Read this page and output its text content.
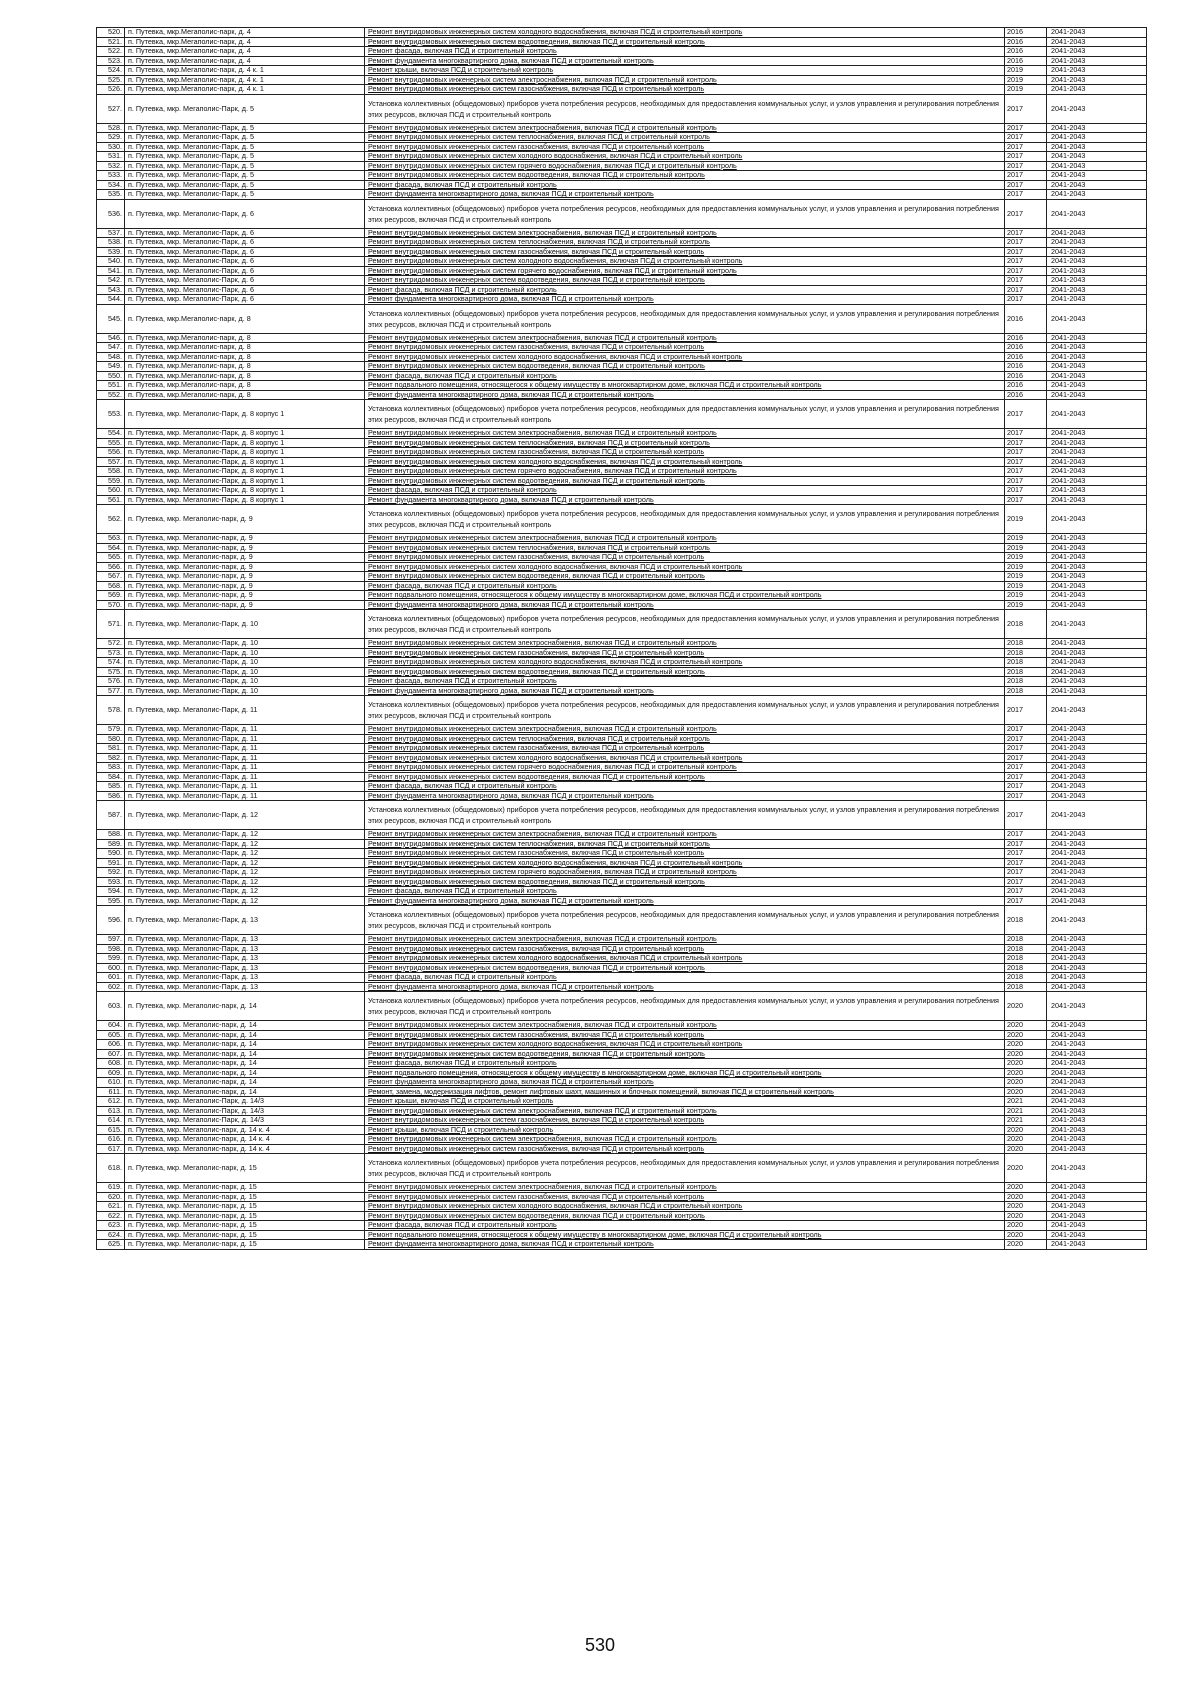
520.	п. Путевка, мкр.Мегаполис-парк, д. 4	Ремонт внутридомовых инженерных систем холодного водоснабжения, включая ПСД и строительный контроль	2016	2041-2043
521.	п. Путевка, мкр.Мегаполис-парк, д. 4	Ремонт внутридомовых инженерных систем водоотведения, включая ПСД и строительный контроль	2016	2041-2043
522.	п. Путевка, мкр.Мегаполис-парк, д. 4	Ремонт фасада, включая ПСД и строительный контроль	2016	2041-2043
523.	п. Путевка, мкр.Мегаполис-парк, д. 4	Ремонт фундамента многоквартирного дома, включая ПСД и строительный контроль	2016	2041-2043
524.	п. Путевка, мкр.Мегаполис-парк, д. 4 к. 1	Ремонт крыши, включая ПСД и строительный контроль	2019	2041-2043
525.	п. Путевка, мкр.Мегаполис-парк, д. 4 к. 1	Ремонт внутридомовых инженерных систем электроснабжения, включая ПСД и строительный контроль	2019	2041-2043
526.	п. Путевка, мкр.Мегаполис-парк, д. 4 к. 1	Ремонт внутридомовых инженерных систем газоснабжения, включая ПСД и строительный контроль	2019	2041-2043
527.	п. Путевка, мкр. Мегаполис-Парк, д. 5	Установка коллективных (общедомовых) приборов учета потребления ресурсов, необходимых для предоставления коммунальных услуг, и узлов управления и регулирования потребления этих ресурсов, включая ПСД и строительный контроль	2017	2041-2043
528.	п. Путевка, мкр. Мегаполис-Парк, д. 5	Ремонт внутридомовых инженерных систем электроснабжения, включая ПСД и строительный контроль	2017	2041-2043
529.	п. Путевка, мкр. Мегаполис-Парк, д. 5	Ремонт внутридомовых инженерных систем теплоснабжения, включая ПСД и строительный контроль	2017	2041-2043
530.	п. Путевка, мкр. Мегаполис-Парк, д. 5	Ремонт внутридомовых инженерных систем газоснабжения, включая ПСД и строительный контроль	2017	2041-2043
531.	п. Путевка, мкр. Мегаполис-Парк, д. 5	Ремонт внутридомовых инженерных систем холодного водоснабжения, включая ПСД и строительный контроль	2017	2041-2043
532.	п. Путевка, мкр. Мегаполис-Парк, д. 5	Ремонт внутридомовых инженерных систем горячего водоснабжения, включая ПСД и строительный контроль	2017	2041-2043
533.	п. Путевка, мкр. Мегаполис-Парк, д. 5	Ремонт внутридомовых инженерных систем водоотведения, включая ПСД и строительный контроль	2017	2041-2043
534.	п. Путевка, мкр. Мегаполис-Парк, д. 5	Ремонт фасада, включая ПСД и строительный контроль	2017	2041-2043
535.	п. Путевка, мкр. Мегаполис-Парк, д. 5	Ремонт фундамента многоквартирного дома, включая ПСД и строительный контроль	2017	2041-2043
536.	п. Путевка, мкр. Мегаполис-Парк, д. 6	Установка коллективных (общедомовых) приборов учета потребления ресурсов, необходимых для предоставления коммунальных услуг, и узлов управления и регулирования потребления этих ресурсов, включая ПСД и строительный контроль	2017	2041-2043
537.	п. Путевка, мкр. Мегаполис-Парк, д. 6	Ремонт внутридомовых инженерных систем электроснабжения, включая ПСД и строительный контроль	2017	2041-2043
538.	п. Путевка, мкр. Мегаполис-Парк, д. 6	Ремонт внутридомовых инженерных систем теплоснабжения, включая ПСД и строительный контроль	2017	2041-2043
539.	п. Путевка, мкр. Мегаполис-Парк, д. 6	Ремонт внутридомовых инженерных систем газоснабжения, включая ПСД и строительный контроль	2017	2041-2043
540.	п. Путевка, мкр. Мегаполис-Парк, д. 6	Ремонт внутридомовых инженерных систем холодного водоснабжения, включая ПСД и строительный контроль	2017	2041-2043
541.	п. Путевка, мкр. Мегаполис-Парк, д. 6	Ремонт внутридомовых инженерных систем горячего водоснабжения, включая ПСД и строительный контроль	2017	2041-2043
542.	п. Путевка, мкр. Мегаполис-Парк, д. 6	Ремонт внутридомовых инженерных систем водоотведения, включая ПСД и строительный контроль	2017	2041-2043
543.	п. Путевка, мкр. Мегаполис-Парк, д. 6	Ремонт фасада, включая ПСД и строительный контроль	2017	2041-2043
544.	п. Путевка, мкр. Мегаполис-Парк, д. 6	Ремонт фундамента многоквартирного дома, включая ПСД и строительный контроль	2017	2041-2043
545.	п. Путевка, мкр.Мегаполис-парк, д. 8	Установка коллективных (общедомовых) приборов учета потребления ресурсов, необходимых для предоставления коммунальных услуг, и узлов управления и регулирования потребления этих ресурсов, включая ПСД и строительный контроль	2016	2041-2043
546.	п. Путевка, мкр.Мегаполис-парк, д. 8	Ремонт внутридомовых инженерных систем электроснабжения, включая ПСД и строительный контроль	2016	2041-2043
547.	п. Путевка, мкр.Мегаполис-парк, д. 8	Ремонт внутридомовых инженерных систем газоснабжения, включая ПСД и строительный контроль	2016	2041-2043
548.	п. Путевка, мкр.Мегаполис-парк, д. 8	Ремонт внутридомовых инженерных систем холодного водоснабжения, включая ПСД и строительный контроль	2016	2041-2043
549.	п. Путевка, мкр.Мегаполис-парк, д. 8	Ремонт внутридомовых инженерных систем водоотведения, включая ПСД и строительный контроль	2016	2041-2043
550.	п. Путевка, мкр.Мегаполис-парк, д. 8	Ремонт фасада, включая ПСД и строительный контроль	2016	2041-2043
551.	п. Путевка, мкр.Мегаполис-парк, д. 8	Ремонт подвального помещения, относящегося к общему имуществу в многоквартирном доме, включая ПСД и строительный контроль	2016	2041-2043
552.	п. Путевка, мкр.Мегаполис-парк, д. 8	Ремонт фундамента многоквартирного дома, включая ПСД и строительный контроль	2016	2041-2043
553.	п. Путевка, мкр. Мегаполис-Парк, д. 8 корпус 1	Установка коллективных (общедомовых) приборов учета потребления ресурсов, необходимых для предоставления коммунальных услуг, и узлов управления и регулирования потребления этих ресурсов, включая ПСД и строительный контроль	2017	2041-2043
554.	п. Путевка, мкр. Мегаполис-Парк, д. 8 корпус 1	Ремонт внутридомовых инженерных систем электроснабжения, включая ПСД и строительный контроль	2017	2041-2043
555.	п. Путевка, мкр. Мегаполис-Парк, д. 8 корпус 1	Ремонт внутридомовых инженерных систем теплоснабжения, включая ПСД и строительный контроль	2017	2041-2043
556.	п. Путевка, мкр. Мегаполис-Парк, д. 8 корпус 1	Ремонт внутридомовых инженерных систем газоснабжения, включая ПСД и строительный контроль	2017	2041-2043
557.	п. Путевка, мкр. Мегаполис-Парк, д. 8 корпус 1	Ремонт внутридомовых инженерных систем холодного водоснабжения, включая ПСД и строительный контроль	2017	2041-2043
558.	п. Путевка, мкр. Мегаполис-Парк, д. 8 корпус 1	Ремонт внутридомовых инженерных систем горячего водоснабжения, включая ПСД и строительный контроль	2017	2041-2043
559.	п. Путевка, мкр. Мегаполис-Парк, д. 8 корпус 1	Ремонт внутридомовых инженерных систем водоотведения, включая ПСД и строительный контроль	2017	2041-2043
560.	п. Путевка, мкр. Мегаполис-Парк, д. 8 корпус 1	Ремонт фасада, включая ПСД и строительный контроль	2017	2041-2043
561.	п. Путевка, мкр. Мегаполис-Парк, д. 8 корпус 1	Ремонт фундамента многоквартирного дома, включая ПСД и строительный контроль	2017	2041-2043
562.	п. Путевка, мкр. Мегаполис-парк, д. 9	Установка коллективных (общедомовых) приборов учета потребления ресурсов, необходимых для предоставления коммунальных услуг, и узлов управления и регулирования потребления этих ресурсов, включая ПСД и строительный контроль	2019	2041-2043
563.	п. Путевка, мкр. Мегаполис-парк, д. 9	Ремонт внутридомовых инженерных систем электроснабжения, включая ПСД и строительный контроль	2019	2041-2043
564.	п. Путевка, мкр. Мегаполис-парк, д. 9	Ремонт внутридомовых инженерных систем теплоснабжения, включая ПСД и строительный контроль	2019	2041-2043
565.	п. Путевка, мкр. Мегаполис-парк, д. 9	Ремонт внутридомовых инженерных систем газоснабжения, включая ПСД и строительный контроль	2019	2041-2043
566.	п. Путевка, мкр. Мегаполис-парк, д. 9	Ремонт внутридомовых инженерных систем холодного водоснабжения, включая ПСД и строительный контроль	2019	2041-2043
567.	п. Путевка, мкр. Мегаполис-парк, д. 9	Ремонт внутридомовых инженерных систем водоотведения, включая ПСД и строительный контроль	2019	2041-2043
568.	п. Путевка, мкр. Мегаполис-парк, д. 9	Ремонт фасада, включая ПСД и строительный контроль	2019	2041-2043
569.	п. Путевка, мкр. Мегаполис-парк, д. 9	Ремонт подвального помещения, относящегося к общему имуществу в многоквартирном доме, включая ПСД и строительный контроль	2019	2041-2043
570.	п. Путевка, мкр. Мегаполис-парк, д. 9	Ремонт фундамента многоквартирного дома, включая ПСД и строительный контроль	2019	2041-2043
571.	п. Путевка, мкр. Мегаполис-Парк, д. 10	Установка коллективных (общедомовых) приборов учета потребления ресурсов, необходимых для предоставления коммунальных услуг, и узлов управления и регулирования потребления этих ресурсов, включая ПСД и строительный контроль	2018	2041-2043
572.	п. Путевка, мкр. Мегаполис-Парк, д. 10	Ремонт внутридомовых инженерных систем электроснабжения, включая ПСД и строительный контроль	2018	2041-2043
573.	п. Путевка, мкр. Мегаполис-Парк, д. 10	Ремонт внутридомовых инженерных систем газоснабжения, включая ПСД и строительный контроль	2018	2041-2043
574.	п. Путевка, мкр. Мегаполис-Парк, д. 10	Ремонт внутридомовых инженерных систем холодного водоснабжения, включая ПСД и строительный контроль	2018	2041-2043
575.	п. Путевка, мкр. Мегаполис-Парк, д. 10	Ремонт внутридомовых инженерных систем водоотведения, включая ПСД и строительный контроль	2018	2041-2043
576.	п. Путевка, мкр. Мегаполис-Парк, д. 10	Ремонт фасада, включая ПСД и строительный контроль	2018	2041-2043
577.	п. Путевка, мкр. Мегаполис-Парк, д. 10	Ремонт фундамента многоквартирного дома, включая ПСД и строительный контроль	2018	2041-2043
578.	п. Путевка, мкр. Мегаполис-Парк, д. 11	Установка коллективных (общедомовых) приборов учета потребления ресурсов, необходимых для предоставления коммунальных услуг, и узлов управления и регулирования потребления этих ресурсов, включая ПСД и строительный контроль	2017	2041-2043
579.	п. Путевка, мкр. Мегаполис-Парк, д. 11	Ремонт внутридомовых инженерных систем электроснабжения, включая ПСД и строительный контроль	2017	2041-2043
580.	п. Путевка, мкр. Мегаполис-Парк, д. 11	Ремонт внутридомовых инженерных систем теплоснабжения, включая ПСД и строительный контроль	2017	2041-2043
581.	п. Путевка, мкр. Мегаполис-Парк, д. 11	Ремонт внутридомовых инженерных систем газоснабжения, включая ПСД и строительный контроль	2017	2041-2043
582.	п. Путевка, мкр. Мегаполис-Парк, д. 11	Ремонт внутридомовых инженерных систем холодного водоснабжения, включая ПСД и строительный контроль	2017	2041-2043
583.	п. Путевка, мкр. Мегаполис-Парк, д. 11	Ремонт внутридомовых инженерных систем горячего водоснабжения, включая ПСД и строительный контроль	2017	2041-2043
584.	п. Путевка, мкр. Мегаполис-Парк, д. 11	Ремонт внутридомовых инженерных систем водоотведения, включая ПСД и строительный контроль	2017	2041-2043
585.	п. Путевка, мкр. Мегаполис-Парк, д. 11	Ремонт фасада, включая ПСД и строительный контроль	2017	2041-2043
586.	п. Путевка, мкр. Мегаполис-Парк, д. 11	Ремонт фундамента многоквартирного дома, включая ПСД и строительный контроль	2017	2041-2043
587.	п. Путевка, мкр. Мегаполис-Парк, д. 12	Установка коллективных (общедомовых) приборов учета потребления ресурсов, необходимых для предоставления коммунальных услуг, и узлов управления и регулирования потребления этих ресурсов, включая ПСД и строительный контроль	2017	2041-2043
588.	п. Путевка, мкр. Мегаполис-Парк, д. 12	Ремонт внутридомовых инженерных систем электроснабжения, включая ПСД и строительный контроль	2017	2041-2043
589.	п. Путевка, мкр. Мегаполис-Парк, д. 12	Ремонт внутридомовых инженерных систем теплоснабжения, включая ПСД и строительный контроль	2017	2041-2043
590.	п. Путевка, мкр. Мегаполис-Парк, д. 12	Ремонт внутридомовых инженерных систем газоснабжения, включая ПСД и строительный контроль	2017	2041-2043
591.	п. Путевка, мкр. Мегаполис-Парк, д. 12	Ремонт внутридомовых инженерных систем холодного водоснабжения, включая ПСД и строительный контроль	2017	2041-2043
592.	п. Путевка, мкр. Мегаполис-Парк, д. 12	Ремонт внутридомовых инженерных систем горячего водоснабжения, включая ПСД и строительный контроль	2017	2041-2043
593.	п. Путевка, мкр. Мегаполис-Парк, д. 12	Ремонт внутридомовых инженерных систем водоотведения, включая ПСД и строительный контроль	2017	2041-2043
594.	п. Путевка, мкр. Мегаполис-Парк, д. 12	Ремонт фасада, включая ПСД и строительный контроль	2017	2041-2043
595.	п. Путевка, мкр. Мегаполис-Парк, д. 12	Ремонт фундамента многоквартирного дома, включая ПСД и строительный контроль	2017	2041-2043
596.	п. Путевка, мкр. Мегаполис-Парк, д. 13	Установка коллективных (общедомовых) приборов учета потребления ресурсов, необходимых для предоставления коммунальных услуг, и узлов управления и регулирования потребления этих ресурсов, включая ПСД и строительный контроль	2018	2041-2043
597.	п. Путевка, мкр. Мегаполис-Парк, д. 13	Ремонт внутридомовых инженерных систем электроснабжения, включая ПСД и строительный контроль	2018	2041-2043
598.	п. Путевка, мкр. Мегаполис-Парк, д. 13	Ремонт внутридомовых инженерных систем газоснабжения, включая ПСД и строительный контроль	2018	2041-2043
599.	п. Путевка, мкр. Мегаполис-Парк, д. 13	Ремонт внутридомовых инженерных систем холодного водоснабжения, включая ПСД и строительный контроль	2018	2041-2043
600.	п. Путевка, мкр. Мегаполис-Парк, д. 13	Ремонт внутридомовых инженерных систем водоотведения, включая ПСД и строительный контроль	2018	2041-2043
601.	п. Путевка, мкр. Мегаполис-Парк, д. 13	Ремонт фасада, включая ПСД и строительный контроль	2018	2041-2043
602.	п. Путевка, мкр. Мегаполис-Парк, д. 13	Ремонт фундамента многоквартирного дома, включая ПСД и строительный контроль	2018	2041-2043
603.	п. Путевка, мкр. Мегаполис-парк, д. 14	Установка коллективных (общедомовых) приборов учета потребления ресурсов, необходимых для предоставления коммунальных услуг, и узлов управления и регулирования потребления этих ресурсов, включая ПСД и строительный контроль	2020	2041-2043
604.	п. Путевка, мкр. Мегаполис-парк, д. 14	Ремонт внутридомовых инженерных систем электроснабжения, включая ПСД и строительный контроль	2020	2041-2043
605.	п. Путевка, мкр. Мегаполис-парк, д. 14	Ремонт внутридомовых инженерных систем газоснабжения, включая ПСД и строительный контроль	2020	2041-2043
606.	п. Путевка, мкр. Мегаполис-парк, д. 14	Ремонт внутридомовых инженерных систем холодного водоснабжения, включая ПСД и строительный контроль	2020	2041-2043
607.	п. Путевка, мкр. Мегаполис-парк, д. 14	Ремонт внутридомовых инженерных систем водоотведения, включая ПСД и строительный контроль	2020	2041-2043
608.	п. Путевка, мкр. Мегаполис-парк, д. 14	Ремонт фасада, включая ПСД и строительный контроль	2020	2041-2043
609.	п. Путевка, мкр. Мегаполис-парк, д. 14	Ремонт подвального помещения, относящегося к общему имуществу в многоквартирном доме, включая ПСД и строительный контроль	2020	2041-2043
610.	п. Путевка, мкр. Мегаполис-парк, д. 14	Ремонт фундамента многоквартирного дома, включая ПСД и строительный контроль	2020	2041-2043
611.	п. Путевка, мкр. Мегаполис-парк, д. 14	Ремонт, замена, модернизация лифтов, ремонт лифтовых шахт, машинных и блочных помещений, включая ПСД и строительный контроль	2020	2041-2043
612.	п. Путевка, мкр. Мегаполис-Парк, д. 14/3	Ремонт крыши, включая ПСД и строительный контроль	2021	2041-2043
613.	п. Путевка, мкр. Мегаполис-Парк, д. 14/3	Ремонт внутридомовых инженерных систем электроснабжения, включая ПСД и строительный контроль	2021	2041-2043
614.	п. Путевка, мкр. Мегаполис-Парк, д. 14/3	Ремонт внутридомовых инженерных систем газоснабжения, включая ПСД и строительный контроль	2021	2041-2043
615.	п. Путевка, мкр. Мегаполис-парк, д. 14 к. 4	Ремонт крыши, включая ПСД и строительный контроль	2020	2041-2043
616.	п. Путевка, мкр. Мегаполис-парк, д. 14 к. 4	Ремонт внутридомовых инженерных систем электроснабжения, включая ПСД и строительный контроль	2020	2041-2043
617.	п. Путевка, мкр. Мегаполис-парк, д. 14 к. 4	Ремонт внутридомовых инженерных систем газоснабжения, включая ПСД и строительный контроль	2020	2041-2043
618.	п. Путевка, мкр. Мегаполис-парк, д. 15	Установка коллективных (общедомовых) приборов учета потребления ресурсов, необходимых для предоставления коммунальных услуг, и узлов управления и регулирования потребления этих ресурсов, включая ПСД и строительный контроль	2020	2041-2043
619.	п. Путевка, мкр. Мегаполис-парк, д. 15	Ремонт внутридомовых инженерных систем электроснабжения, включая ПСД и строительный контроль	2020	2041-2043
620.	п. Путевка, мкр. Мегаполис-парк, д. 15	Ремонт внутридомовых инженерных систем газоснабжения, включая ПСД и строительный контроль	2020	2041-2043
621.	п. Путевка, мкр. Мегаполис-парк, д. 15	Ремонт внутридомовых инженерных систем холодного водоснабжения, включая ПСД и строительный контроль	2020	2041-2043
622.	п. Путевка, мкр. Мегаполис-парк, д. 15	Ремонт внутридомовых инженерных систем водоотведения, включая ПСД и строительный контроль	2020	2041-2043
623.	п. Путевка, мкр. Мегаполис-парк, д. 15	Ремонт фасада, включая ПСД и строительный контроль	2020	2041-2043
624.	п. Путевка, мкр. Мегаполис-парк, д. 15	Ремонт подвального помещения, относящегося к общему имуществу в многоквартирном доме, включая ПСД и строительный контроль	2020	2041-2043
625.	п. Путевка, мкр. Мегаполис-парк, д. 15	Ремонт фундамента многоквартирного дома, включая ПСД и строительный контроль	2020	2041-2043
530
